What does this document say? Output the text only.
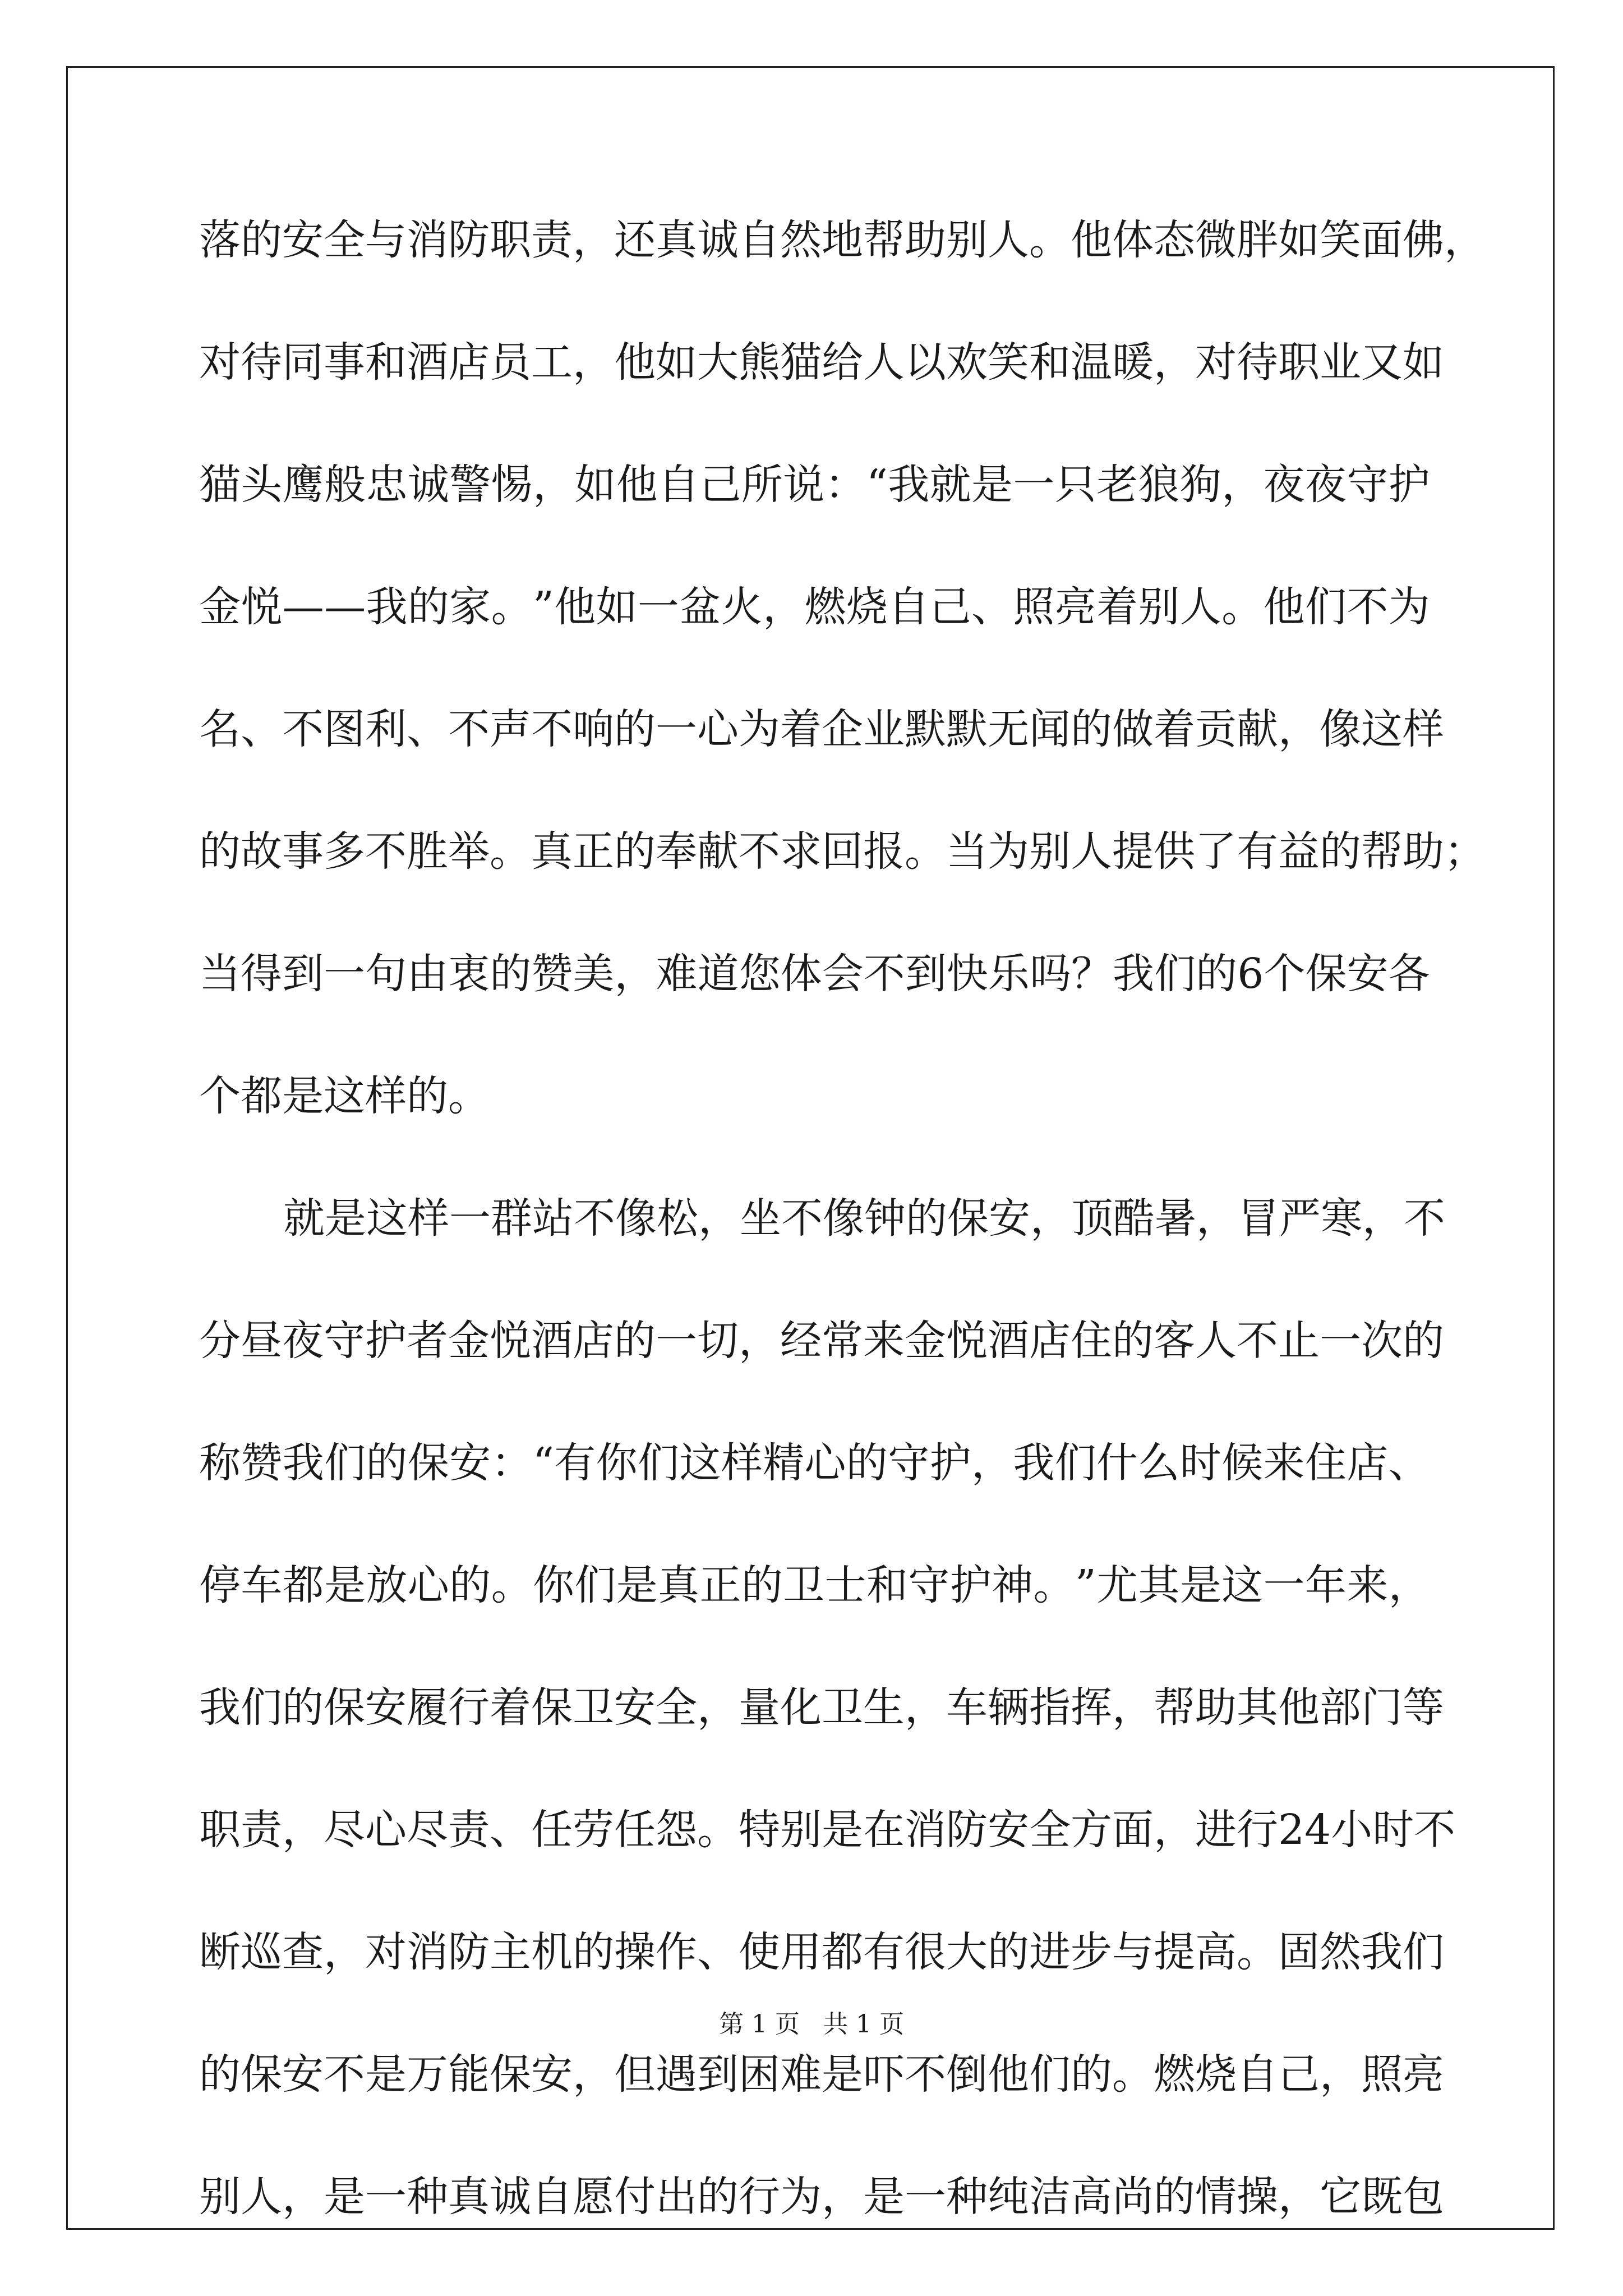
落 的 安 全 与 消 防 职 责 ， 还 真 诚 自 然 地 帮 助 别 人 。 他 体 态 微 胖 如 笑 面 佛 ，
对 待 同 事 和 酒 店 员 工 ， 他 如 大 熊 猫 给 人 以 欢 笑 和 温 暖 ， 对 待 职 业 又 如
猫 头 鹰 般 忠 诚 警 惕 ， 如 他 自 己 所 说 ： “ 我 就 是 一 只 老 狼 狗 ， 夜 夜 守 护
金 悦 — — 我 的 家 。 ” 他 如 一 盆 火 ， 燃 烧 自 己 、 照 亮 着 别 人 。 他 们 不 为
名 、 不 图 利 、 不 声 不 响 的 一 心 为 着 企 业 默 默 无 闻 的 做 着 贡 献 ， 像 这 样
的 故 事 多 不 胜 举 。 真 正 的 奉 献 不 求 回 报 。 当 为 别 人 提 供 了 有 益 的 帮 助 ；
当 得 到 一 句 由 衷 的 赞 美 ， 难 道 您 体 会 不 到 快 乐 吗 ？ 我 们 的 6 个 保 安 各
个都是这样的。
就 是 这 样 一 群 站 不 像 松 ， 坐 不 像 钟 的 保 安 ， 顶 酷 暑 ， 冒 严 寒 ， 不
分 昼 夜 守 护 者 金 悦 酒 店 的 一 切 ， 经 常 来 金 悦 酒 店 住 的 客 人 不 止 一 次 的
称 赞 我 们 的 保 安 ： “ 有 你 们 这 样 精 心 的 守 护 ， 我 们 什 么 时 候 来 住 店 、
停 车 都 是 放 心 的 。 你 们 是 真 正 的 卫 士 和 守 护 神 。 ” 尤 其 是 这 一 年 来 ，
我 们 的 保 安 履 行 着 保 卫 安 全 ， 量 化 卫 生 ， 车 辆 指 挥 ， 帮 助 其 他 部 门 等
职 责 ， 尽 心 尽 责 、 任 劳 任 怨 。 特 别 是 在 消 防 安 全 方 面 ， 进 行 2 4 小 时 不
断 巡 查 ， 对 消 防 主 机 的 操 作 、 使 用 都 有 很 大 的 进 步 与 提 高 。 固 然 我 们
的 保 安 不 是 万 能 保 安 ， 但 遇 到 困 难 是 吓 不 倒 他 们 的 。 燃 烧 自 己 ， 照 亮
别 人 ， 是 一 种 真 诚 自 愿 付 出 的 行 为 ， 是 一 种 纯 洁 高 尚 的 情 操 ， 它 既 包
第 1 页   共 1 页
